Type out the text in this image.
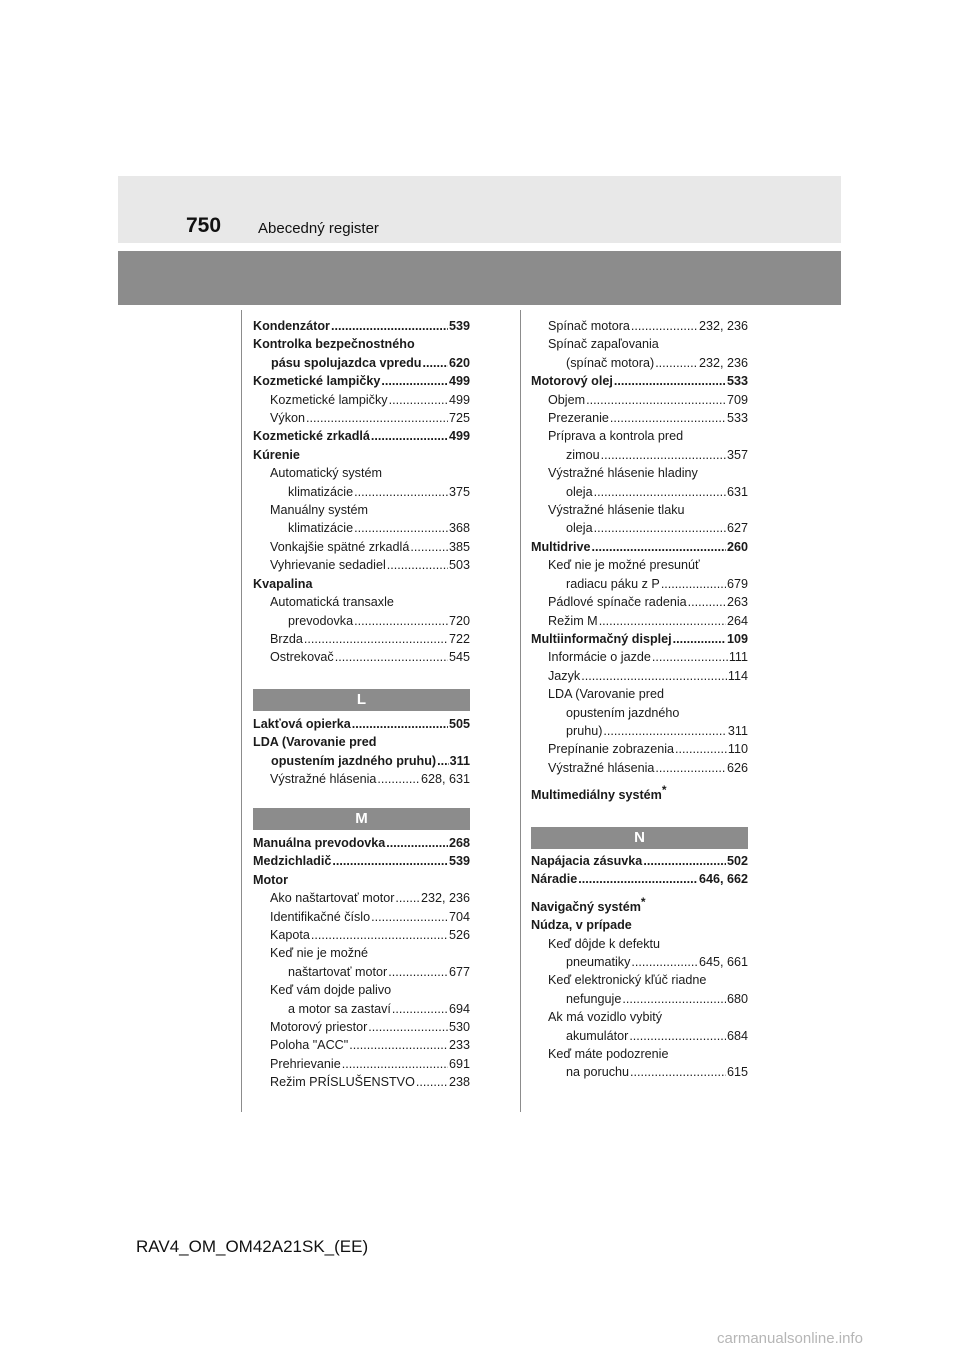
750 Abecedný register
Kondenzátor .....	539
Kontrolka bezpečnostného
pásu spolujazdca vpredu ..... 620
Kozmetické lampičky .....	499
Kozmetické lampičky .....	499
Výkon .....	725
Kozmetické zrkadlá .....	499
Kúrenie
Automatický systém
klimatizácie .....	375
Manuálny systém
klimatizácie .....	368
Vonkajšie spätné zrkadlá .....	385
Vyhrievanie sedadiel .....	503
Kvapalina
Automatická transaxle
prevodovka .....	720
Brzda .....	722
Ostrekovač .....	545
L
Lakťová opierka .....	505
LDA (Varovanie pred
opustením jazdného pruhu) ..... 311
Výstražné hlásenia .....	628, 631
M
Manuálna prevodovka .....	268
Medzichladič .....	539
Motor
Ako naštartovať motor ..... 232, 236
Identifikačné číslo .....	704
Kapota .....	526
Keď nie je možné
naštartovať motor .....	677
Keď vám dojde palivo
a motor sa zastaví .....	694
Motorový priestor .....	530
Poloha "ACC" .....	233
Prehrievanie .....	691
Režim PRÍSLUŠENSTVO .....	238
Spínač motora .....	232, 236
Spínač zapaľovania
(spínač motora) .....	232, 236
Motorový olej .....	533
Objem .....	709
Prezeranie .....	533
Príprava a kontrola pred
zimou .....	357
Výstražné hlásenie hladiny
oleja .....	631
Výstražné hlásenie tlaku
oleja .....	627
Multidrive .....	260
Keď nie je možné presunúť
radiacu páku z P .....	679
Pádlové spínače radenia .....	263
Režim M .....	264
Multiinformačný displej .....	109
Informácie o jazde .....	111
Jazyk .....	114
LDA (Varovanie pred
opustením jazdného
pruhu) .....	311
Prepínanie zobrazenia .....	110
Výstražné hlásenia .....	626
Multimediálny systém*
N
Napájacia zásuvka .....	502
Náradie .....	646, 662
Navigačný systém*
Núdza, v prípade
Keď dôjde k defektu
pneumatiky .....	645, 661
Keď elektronický kľúč riadne
nefunguje .....	680
Ak má vozidlo vybitý
akumulátor .....	684
Keď máte podozrenie
na poruchu .....	615
RAV4_OM_OM42A21SK_(EE)
carmanualsonline.info
